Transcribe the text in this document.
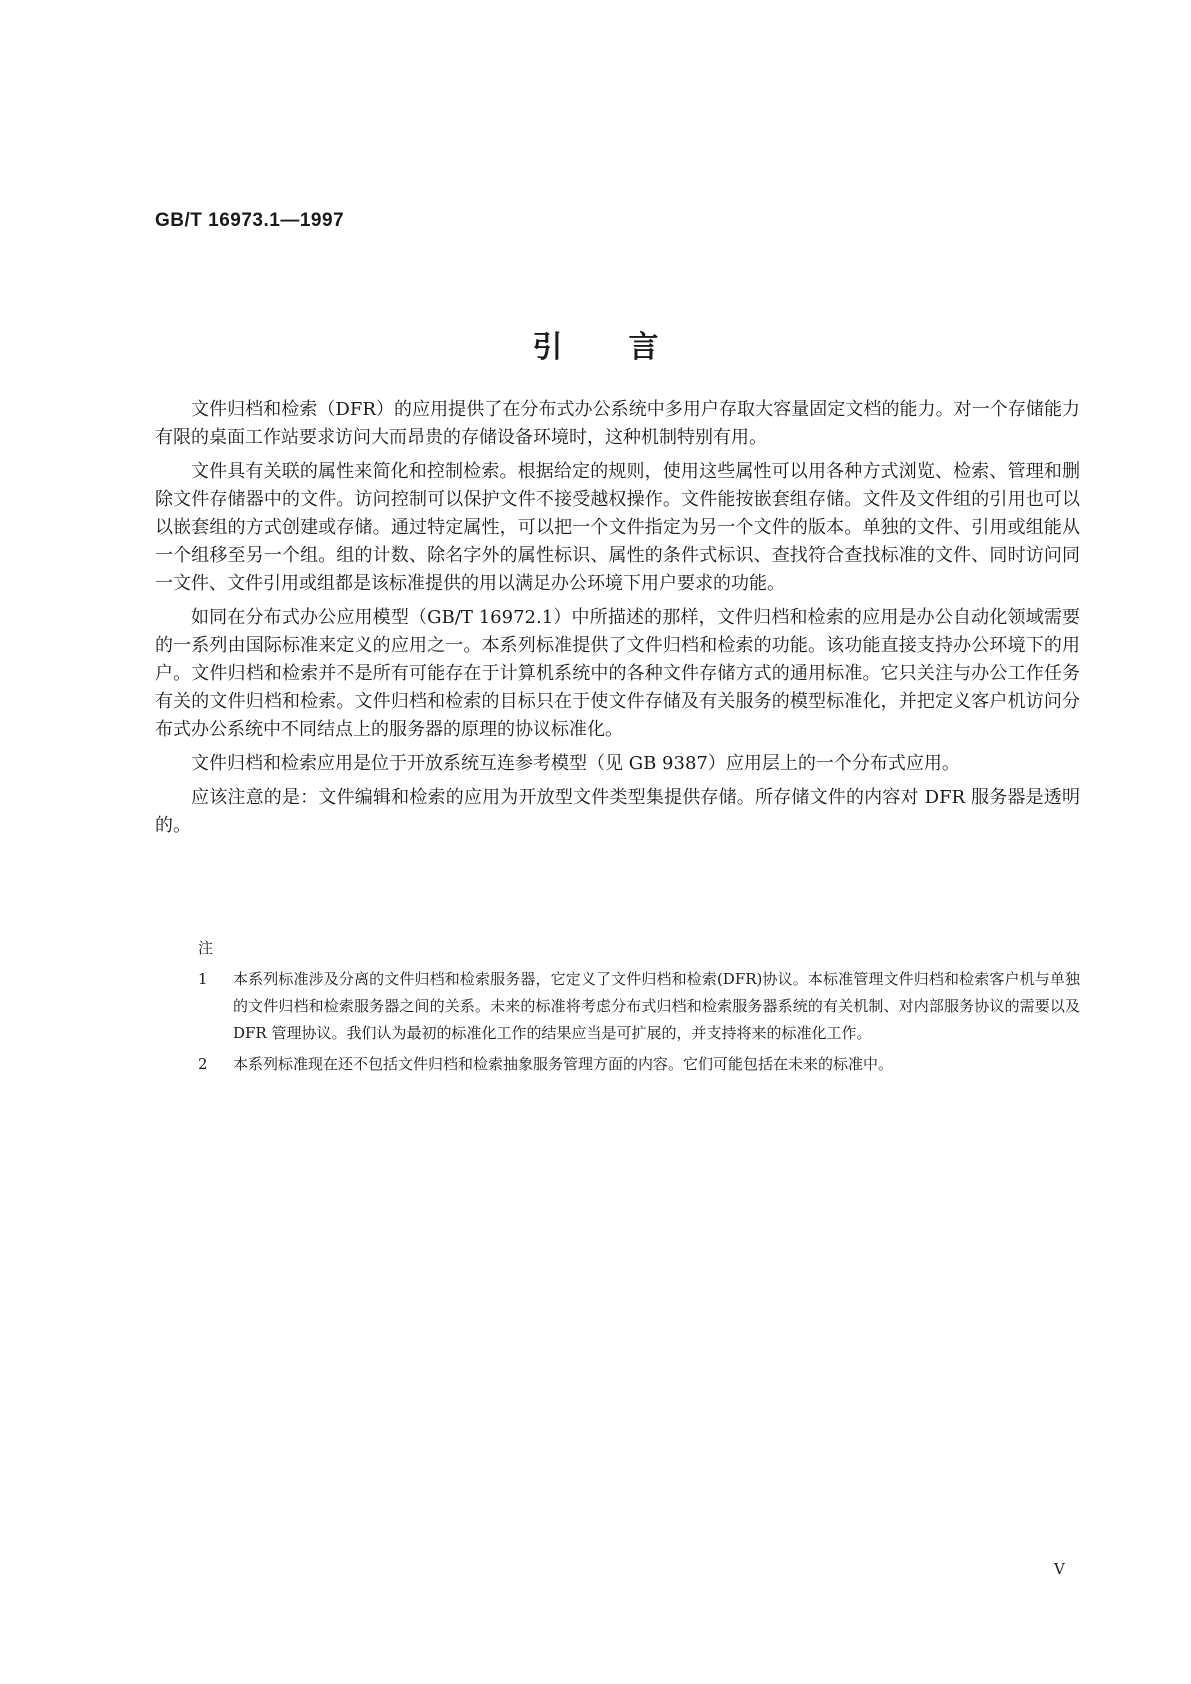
GB/T 16973.1—1997

引言

文件归档和检索（DFR）的应用提供了在分布式办公系统中多用户存取大容量固定文档的能力。对一个存储能力有限的桌面工作站要求访问大而昂贵的存储设备环境时，这种机制特别有用。

文件具有关联的属性来简化和控制检索。根据给定的规则，使用这些属性可以用各种方式浏览、检索、管理和删除文件存储器中的文件。访问控制可以保护文件不接受越权操作。文件能按嵌套组存储。文件及文件组的引用也可以以嵌套组的方式创建或存储。通过特定属性，可以把一个文件指定为另一个文件的版本。单独的文件、引用或组能从一个组移至另一个组。组的计数、除名字外的属性标识、属性的条件式标识、查找符合查找标准的文件、同时访问同一文件、文件引用或组都是该标准提供的用以满足办公环境下用户要求的功能。

如同在分布式办公应用模型（GB/T 16972.1）中所描述的那样，文件归档和检索的应用是办公自动化领域需要的一系列由国际标准来定义的应用之一。本系列标准提供了文件归档和检索的功能。该功能直接支持办公环境下的用户。文件归档和检索并不是所有可能存在于计算机系统中的各种文件存储方式的通用标准。它只关注与办公工作任务有关的文件归档和检索。文件归档和检索的目标只在于使文件存储及有关服务的模型标准化，并把定义客户机访问分布式办公系统中不同结点上的服务器的原理的协议标准化。

文件归档和检索应用是位于开放系统互连参考模型（见 GB 9387）应用层上的一个分布式应用。

应该注意的是：文件编辑和检索的应用为开放型文件类型集提供存储。所存储文件的内容对 DFR 服务器是透明的。

注

1	本系列标准涉及分离的文件归档和检索服务器，它定义了文件归档和检索(DFR)协议。本标准管理文件归档和检索客户机与单独的文件归档和检索服务器之间的关系。未来的标准将考虑分布式归档和检索服务器系统的有关机制、对内部服务协议的需要以及 DFR 管理协议。我们认为最初的标准化工作的结果应当是可扩展的，并支持将来的标准化工作。
2	本系列标准现在还不包括文件归档和检索抽象服务管理方面的内容。它们可能包括在未来的标准中。

V
